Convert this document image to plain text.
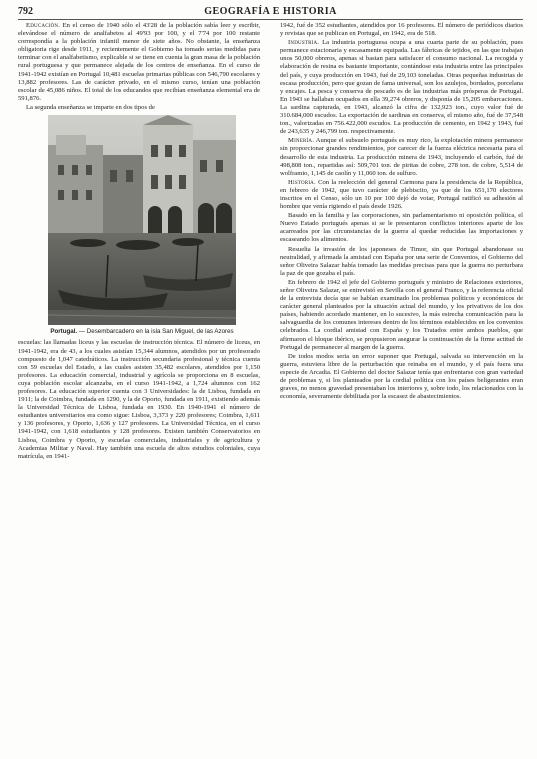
792	GEOGRAFÍA E HISTORIA

Educación. En el censo de 1940 sólo el 43'28 de la población sabía leer y escribir, elevándose el número de analfabetos al 49'93 por 100, y el 7'74 por 100 restante correspondía a la población infantil menor de siete años. No obstante, la enseñanza obligatoria rige desde 1911, y recientemente el Gobierno ha tomado serias medidas para terminar con el analfabetismo, explicable si se tiene en cuenta la gran masa de la población rural portuguesa y que permanece alejada de los centros de enseñanza. En el curso de 1941-1942 existían en Portugal 10,481 escuelas primarias públicas con 546,790 escolares y 13,882 profesores. Las de carácter privado, en el mismo curso, tenían una población escolar de 45,086 niños. El total de los educandos que recibían enseñanza elemental era de 591,876.

La segunda enseñanza se imparte en dos tipos de

Portugal. — Desembarcadero en la isla San Miguel, de las Azores

escuelas: las llamadas liceus y las escuelas de instrucción técnica. El número de liceus, en 1941-1942, era de 43, a los cuales asistían 15,344 alumnos, atendidos por un profesorado compuesto de 1,047 catedráticos. La instrucción secundaria profesional y técnica cuenta con 59 escuelas del Estado, a las cuales asisten 35,482 escolares, atendidos por 1,150 profesores. La educación comercial, industrial y agrícola se proporciona en 8 escuelas, cuya población escolar alcanzaba, en el curso 1941-1942, a 1,724 alumnos con 162 profesores. La educación superior cuenta con 3 Universidades: la de Lisboa, fundada en 1911; la de Coimbra, fundada en 1290, y la de Oporto, fundada en 1911, existiendo además la Universidad Técnica de Lisboa, fundada en 1930. En 1940-1941 el número de estudiantes universitarios era como sigue: Lisboa, 3,373 y 220 profesores; Coimbra, 1,611 y 136 profesores, y Oporto, 1,636 y 127 profesores. La Universidad Técnica, en el curso 1941-1942, con 1,618 estudiantes y 128 profesores. Existen también Conservatorios en Lisboa, Coimbra y Oporto, y escuelas comerciales, industriales y de agricultura y Academias Militar y Naval. Hay también una escuela de altos estudios coloniales, cuya matrícula, en 1941-

1942, fué de 352 estudiantes, atendidos por 16 profesores. El número de periódicos diarios y revistas que se publican en Portugal, en 1942, era de 518.

Industria. La industria portuguesa ocupa a una cuarta parte de su población, pues permanece estacionaria y escasamente equipada. Las fábricas de tejidos, en las que trabajan unos 50,000 obreros, apenas si bastan para satisfacer el consumo nacional. La recogida y elaboración de resina es bastante importante, contándose esta industria entre las principales del país, y cuya producción en 1943, fué de 29,103 toneladas. Otras pequeñas industrias de escasa producción, pero que gozan de fama universal, son los azulejos, bordados, porcelana y encajes. La pesca y conserva de pescado es de las industrias más prósperas de Portugal. En 1943 se hallaban ocupados en ella 39,274 obreros, y disponía de 15,205 embarcaciones. La sardina capturada, en 1943, alcanzó la cifra de 132,923 ton., cuyo valor fué de 310.684,000 escudos. La exportación de sardinas en conserva, el mismo año, fué de 37,548 ton., valorizadas en 756.422,000 escudos. La producción de cemento, en 1942 y 1943, fué de 243,635 y 246,799 ton. respectivamente.

Minería. Aunque el subsuelo portugués es muy rico, la explotación minera permanece sin proporcionar grandes rendimientos, por carecer de la fuerza eléctrica necesaria para el desarrollo de esta industria. La producción minera de 1943, incluyendo el carbón, fué de 498,808 ton., repartidas así: 509,701 ton. de piritas de cobre, 278 ton. de cobre, 5,514 de wolframio, 1,145 de caolín y 11,060 ton. de sulfuro.

Historia. Con la reelección del general Carmona para la presidencia de la República, en febrero de 1942, que tuvo carácter de plebiscito, ya que de los 651,170 electores inscritos en el Censo, sólo un 10 por 100 dejó de votar, Portugal ratificó su adhesión al hombre que venía rigiendo el país desde 1926.

Basado en la familia y las corporaciones, sin parlamentarismo ni oposición política, el Nuevo Estado portugués apenas si se le presentaron conflictos interiores aparte de los acarreados por las circunstancias de la guerra al quedar reducidas las importaciones y escaseando los alimentos.

Resuelta la invasión de los japoneses de Timor, sin que Portugal abandonase su neutralidad, y afirmada la amistad con España por una serie de Convenios, el Gobierno del señor Oliveira Salazar había tomado las medidas precisas para que la guerra no perturbara la paz de que gozaba el país.

En febrero de 1942 el jefe del Gobierno portugués y ministro de Relaciones exteriores, señor Oliveira Salazar, se entrevistó en Sevilla con el general Franco, y la referencia oficial de la entrevista decía que se habían examinado los problemas políticos y económicos de carácter general planteados por la situación actual del mundo, y los privativos de los dos países, habiendo acordado mantener, en lo sucesivo, la más estrecha comunicación para la salvaguardia de los comunes intereses dentro de los términos establecidos en los convenios celebrados. La cordial amistad con España y los Tratados entre ambos pueblos, que afirmaron el bloque ibérico, se propusieron asegurar la continuación de la firme actitud de Portugal de permanecer al margen de la guerra.

De todos modos seria un error suponer que Portugal, salvada su intervención en la guerra, estuviera libre de la perturbación que reinaba en el mundo, y el país fuera una especie de Arcadia. El Gobierno del doctor Salazar tenía que enfrentarse con gran variedad de problemas y, si los planteados por la cordial política con los países beligerantes eran graves, no menos gravedad presentaban los interiores y, sobre todo, los relacionados con la economía, severamente debilitada por la escasez de abastecimientos.
